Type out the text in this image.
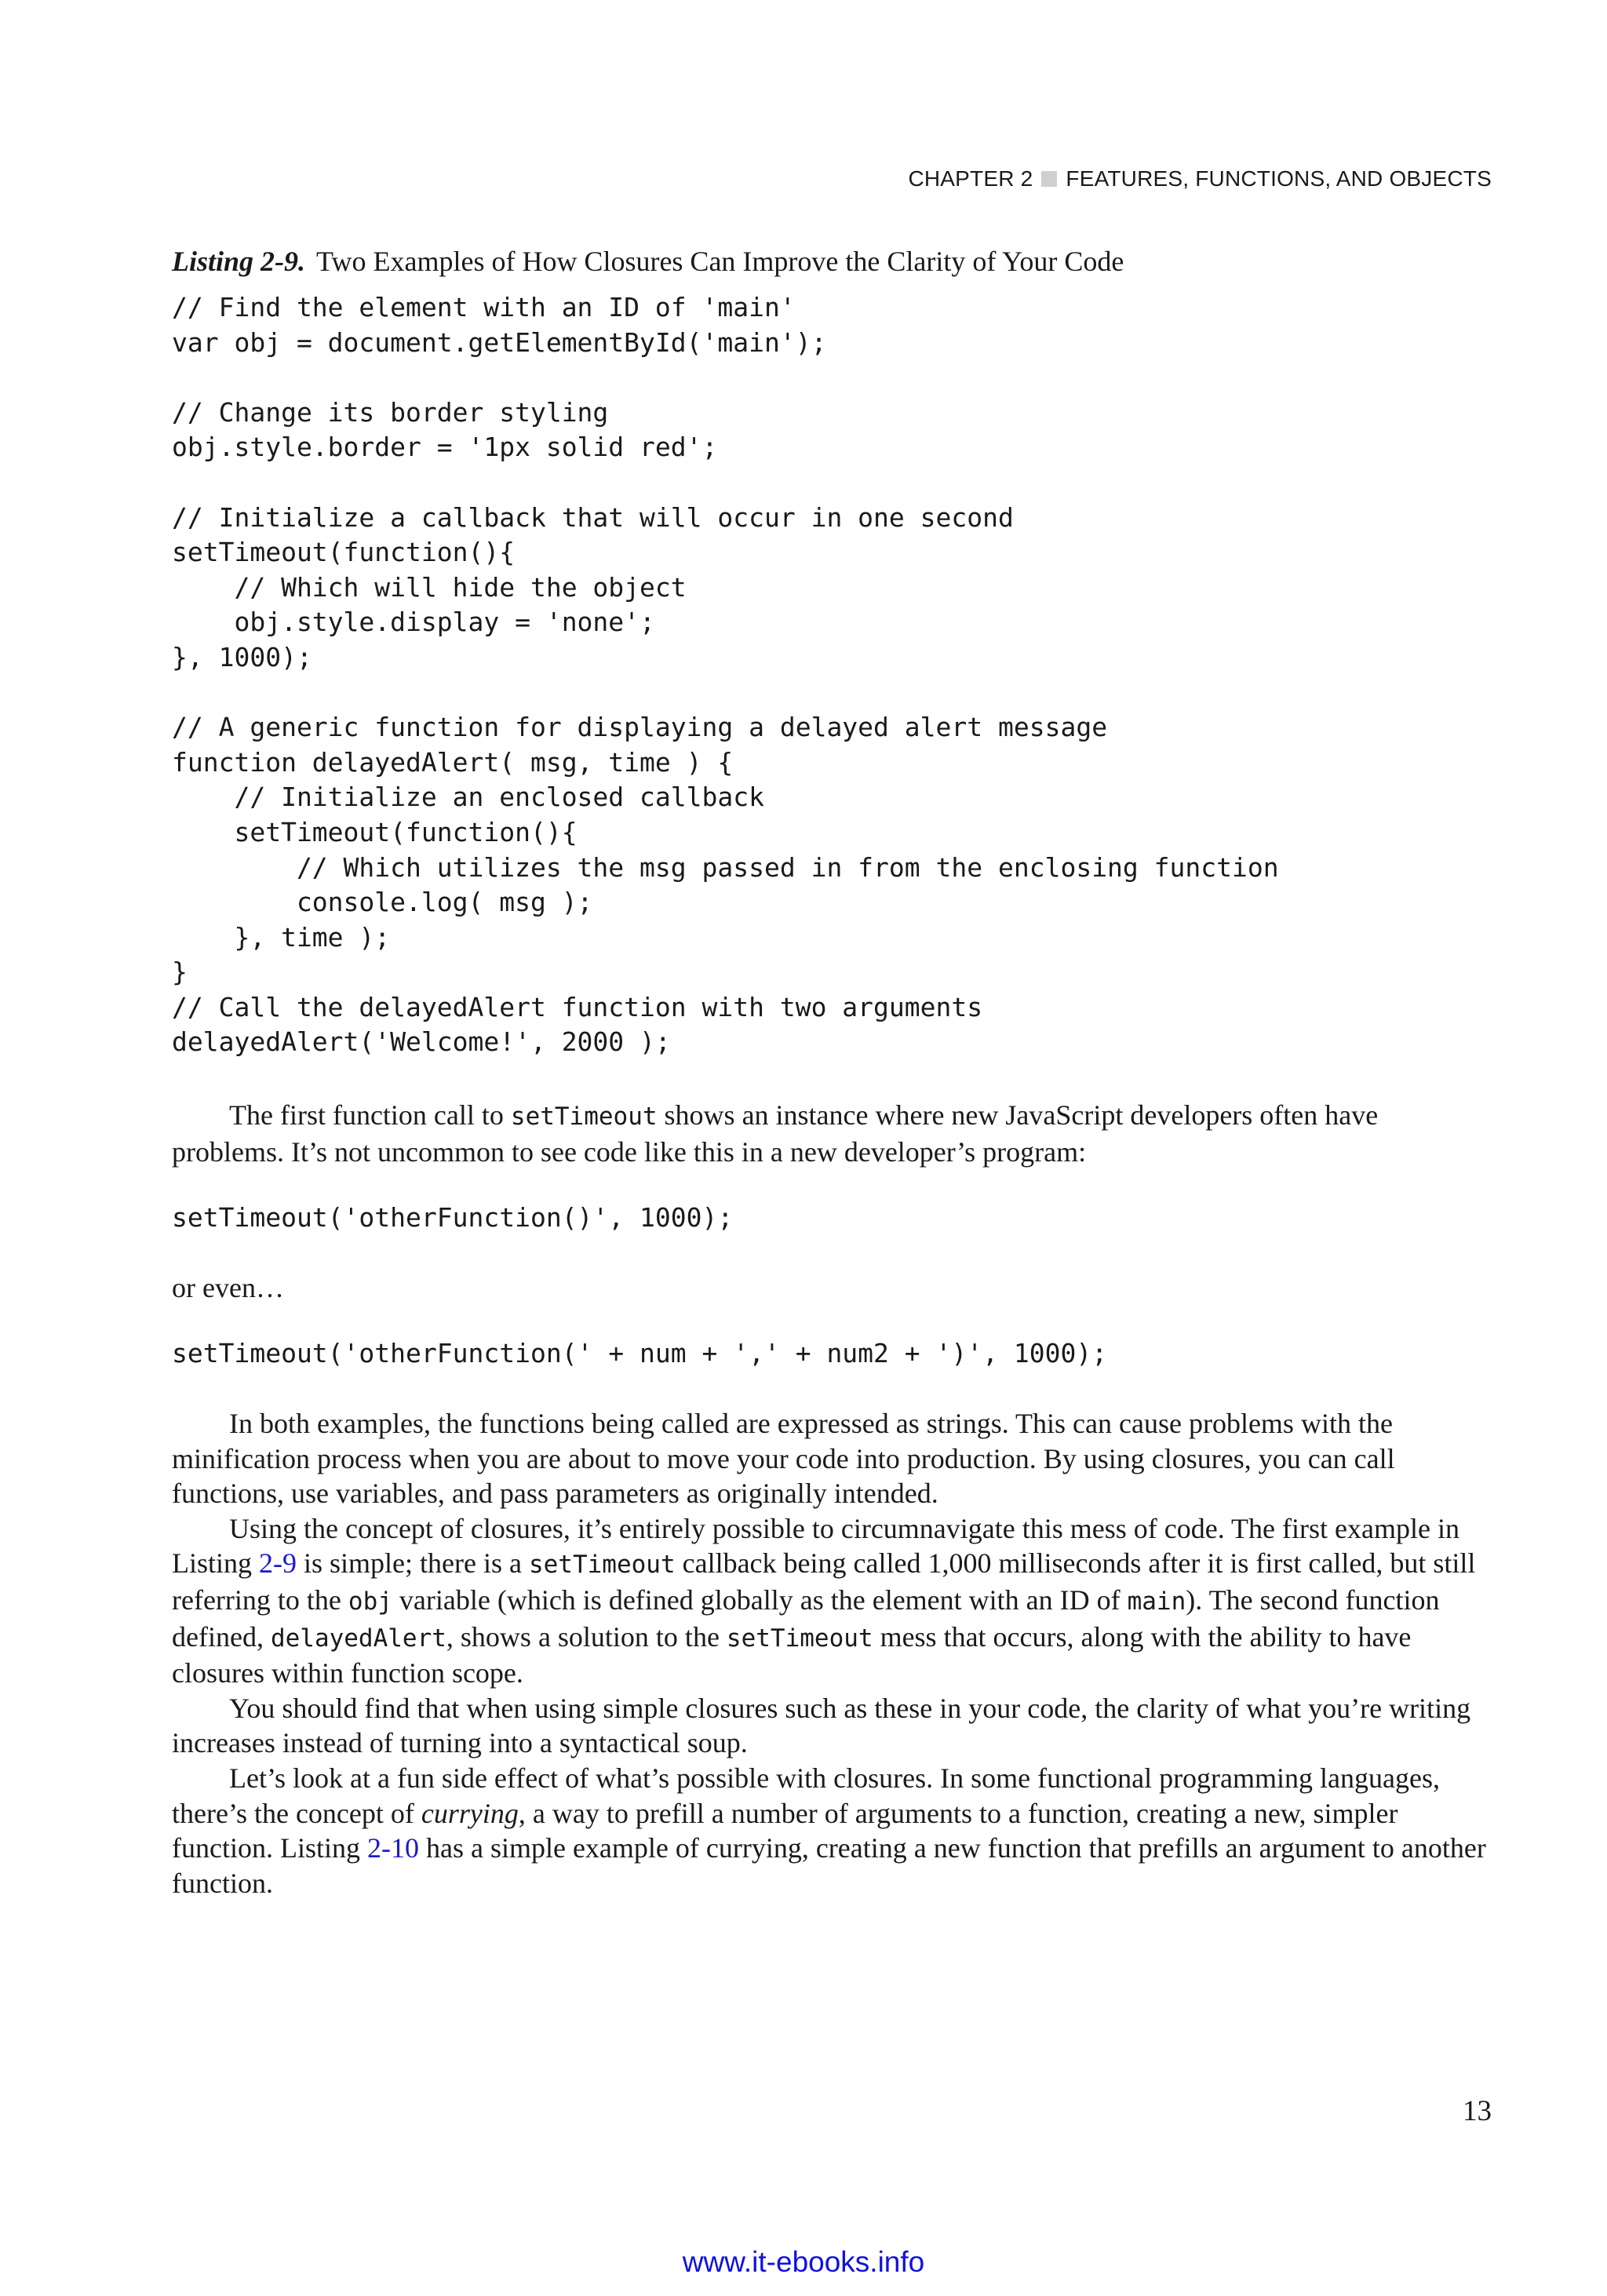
CHAPTER 2 FEATURES, FUNCTIONS, AND OBJECTS
Listing 2-9. Two Examples of How Closures Can Improve the Clarity of Your Code
// Find the element with an ID of 'main'
var obj = document.getElementById('main');

// Change its border styling
obj.style.border = '1px solid red';

// Initialize a callback that will occur in one second
setTimeout(function(){
// Which will hide the object
obj.style.display = 'none';
}, 1000);

// A generic function for displaying a delayed alert message
function delayedAlert( msg, time ) {
// Initialize an enclosed callback
setTimeout(function(){
// Which utilizes the msg passed in from the enclosing function
console.log( msg );
}, time );
}
// Call the delayedAlert function with two arguments
delayedAlert('Welcome!', 2000 );

The first function call to setTimeout shows an instance where new JavaScript developers often have problems. It’s not uncommon to see code like this in a new developer’s program:

setTimeout('otherFunction()', 1000);

or even…

setTimeout('otherFunction(' + num + ',' + num2 + ')', 1000);

In both examples, the functions being called are expressed as strings. This can cause problems with the minification process when you are about to move your code into production. By using closures, you can call functions, use variables, and pass parameters as originally intended.

Using the concept of closures, it’s entirely possible to circumnavigate this mess of code. The first example in Listing 2-9 is simple; there is a setTimeout callback being called 1,000 milliseconds after it is first called, but still referring to the obj variable (which is defined globally as the element with an ID of main). The second function defined, delayedAlert, shows a solution to the setTimeout mess that occurs, along with the ability to have closures within function scope.

You should find that when using simple closures such as these in your code, the clarity of what you’re writing increases instead of turning into a syntactical soup.

Let’s look at a fun side effect of what’s possible with closures. In some functional programming languages, there’s the concept of currying, a way to prefill a number of arguments to a function, creating a new, simpler function. Listing 2-10 has a simple example of currying, creating a new function that prefills an argument to another function.

13
www.it-ebooks.info
